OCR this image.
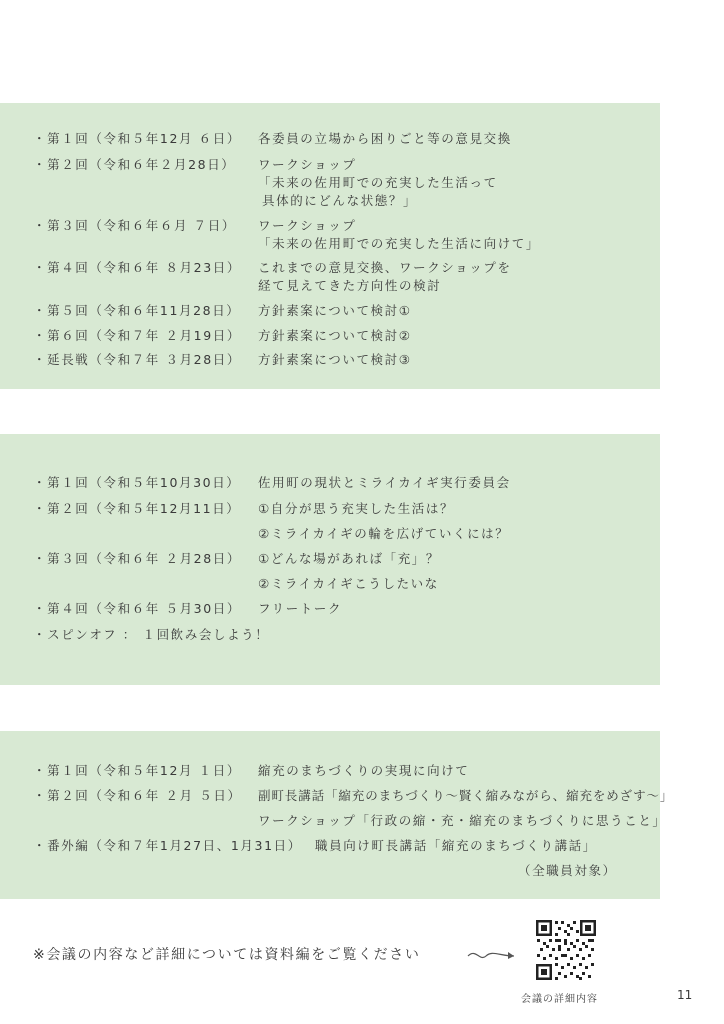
・第１回（令和５年12月 ６日） 各委員の立場から困りごと等の意見交換
・第２回（令和６年２月28日） ワークショップ
「未来の佐用町での充実した生活って
具体的にどんな状態？」
・第３回（令和６年６月 ７日） ワークショップ
「未来の佐用町での充実した生活に向けて」
・第４回（令和６年 ８月23日） これまでの意見交換、ワークショップを
経て見えてきた方向性の検討
・第５回（令和６年11月28日） 方針素案について検討①
・第６回（令和７年 ２月19日） 方針素案について検討②
・延長戦（令和７年 ３月28日） 方針素案について検討③
・第１回（令和５年10月30日） 佐用町の現状とミライカイギ実行委員会
・第２回（令和５年12月11日） ①自分が思う充実した生活は？
②ミライカイギの輪を広げていくには？
・第３回（令和６年 ２月28日） ①どんな場があれば「充」？
②ミライカイギこうしたいな
・第４回（令和６年 ５月30日） フリートーク
・スピンオフ ： １回飲み会しよう！
・第１回（令和５年12月 １日） 縮充のまちづくりの実現に向けて
・第２回（令和６年 ２月 ５日） 副町長講話「縮充のまちづくり～賢く縮みながら、縮充をめざす～」
ワークショップ「行政の縮・充・縮充のまちづくりに思うこと」
・番外編（令和７年1月27日、1月31日） 職員向け町長講話「縮充のまちづくり講話」
（全職員対象）
※会議の内容など詳細については資料編をご覧ください
会議の詳細内容	11
